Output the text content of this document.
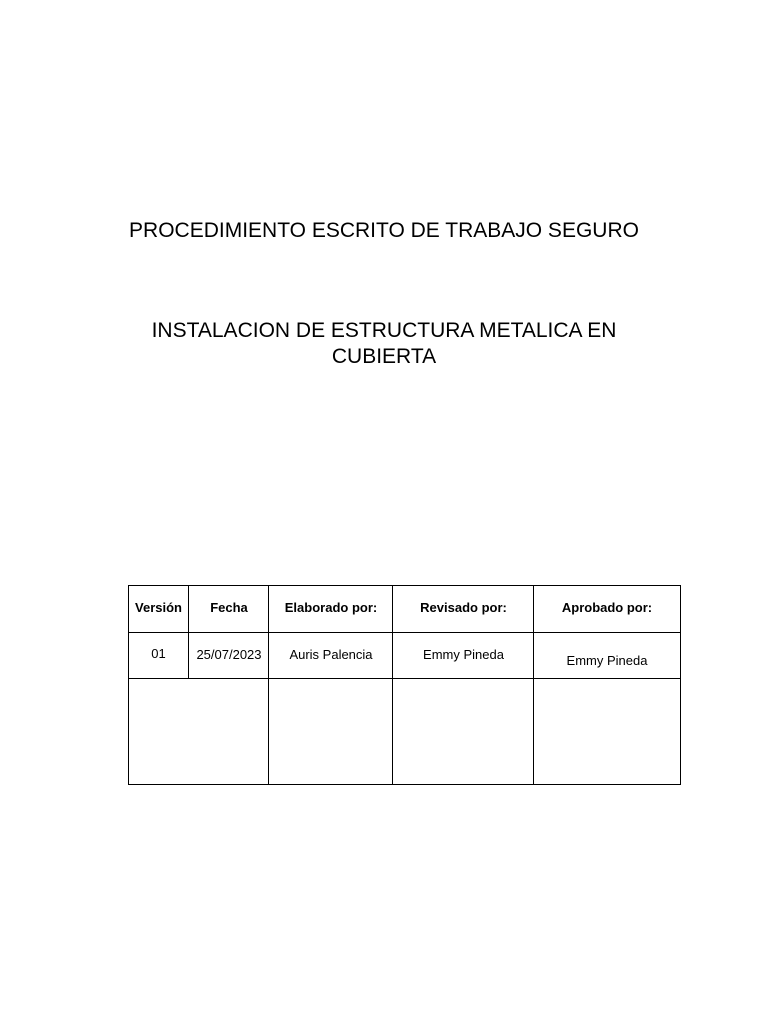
PROCEDIMIENTO ESCRITO DE TRABAJO SEGURO
INSTALACION DE ESTRUCTURA METALICA EN
CUBIERTA
Versión	Fecha	Elaborado por:	Revisado por:	Aprobado por:
01	25/07/2023	Auris Palencia	Emmy Pineda	Emmy Pineda
